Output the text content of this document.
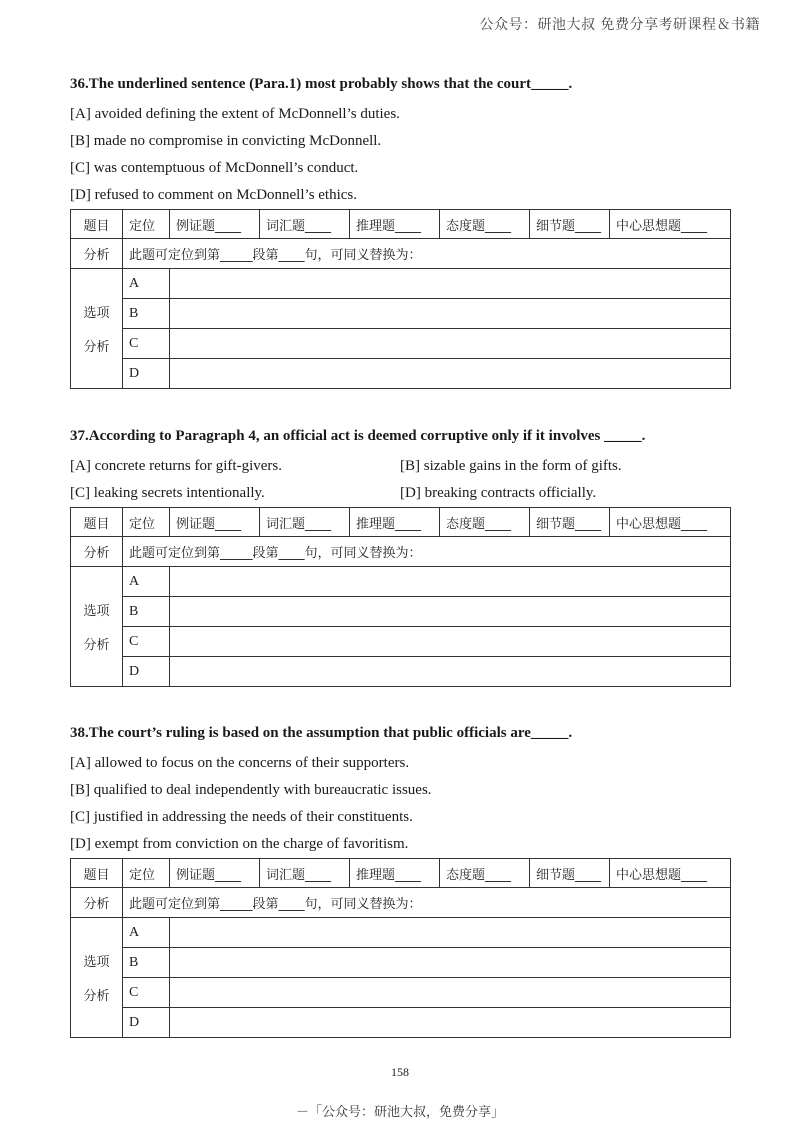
公众号：研池大叔 免费分享考研课程＆书籍
36.The underlined sentence (Para.1) most probably shows that the court_____.
[A] avoided defining the extent of McDonnell’s duties.
[B] made no compromise in convicting McDonnell.
[C] was contemptuous of McDonnell’s conduct.
[D] refused to comment on McDonnell’s ethics.
题目	定位	例证题____	词汇题____	推理题____	态度题____	细节题____	中心思想题____
分析	此题可定位到第_____段第____句，可同义替换为：						
选项

分析	A						
	B						
	C						
	D						
37.According to Paragraph 4, an official act is deemed corruptive only if it involves _____.
[A] concrete returns for gift-givers.	[B] sizable gains in the form of gifts.
[C] leaking secrets intentionally.	[D] breaking contracts officially.
题目	定位	例证题____	词汇题____	推理题____	态度题____	细节题____	中心思想题____
分析	此题可定位到第_____段第____句，可同义替换为：						
选项

分析	A						
	B						
	C						
	D						
38.The court’s ruling is based on the assumption that public officials are_____.
[A] allowed to focus on the concerns of their supporters.
[B] qualified to deal independently with bureaucratic issues.
[C] justified in addressing the needs of their constituents.
[D] exempt from conviction on the charge of favoritism.
题目	定位	例证题____	词汇题____	推理题____	态度题____	细节题____	中心思想题____
分析	此题可定位到第_____段第____句，可同义替换为：						
选项

分析	A						
	B						
	C						
	D						
158
－「公众号：研池大叔，免费分享」
